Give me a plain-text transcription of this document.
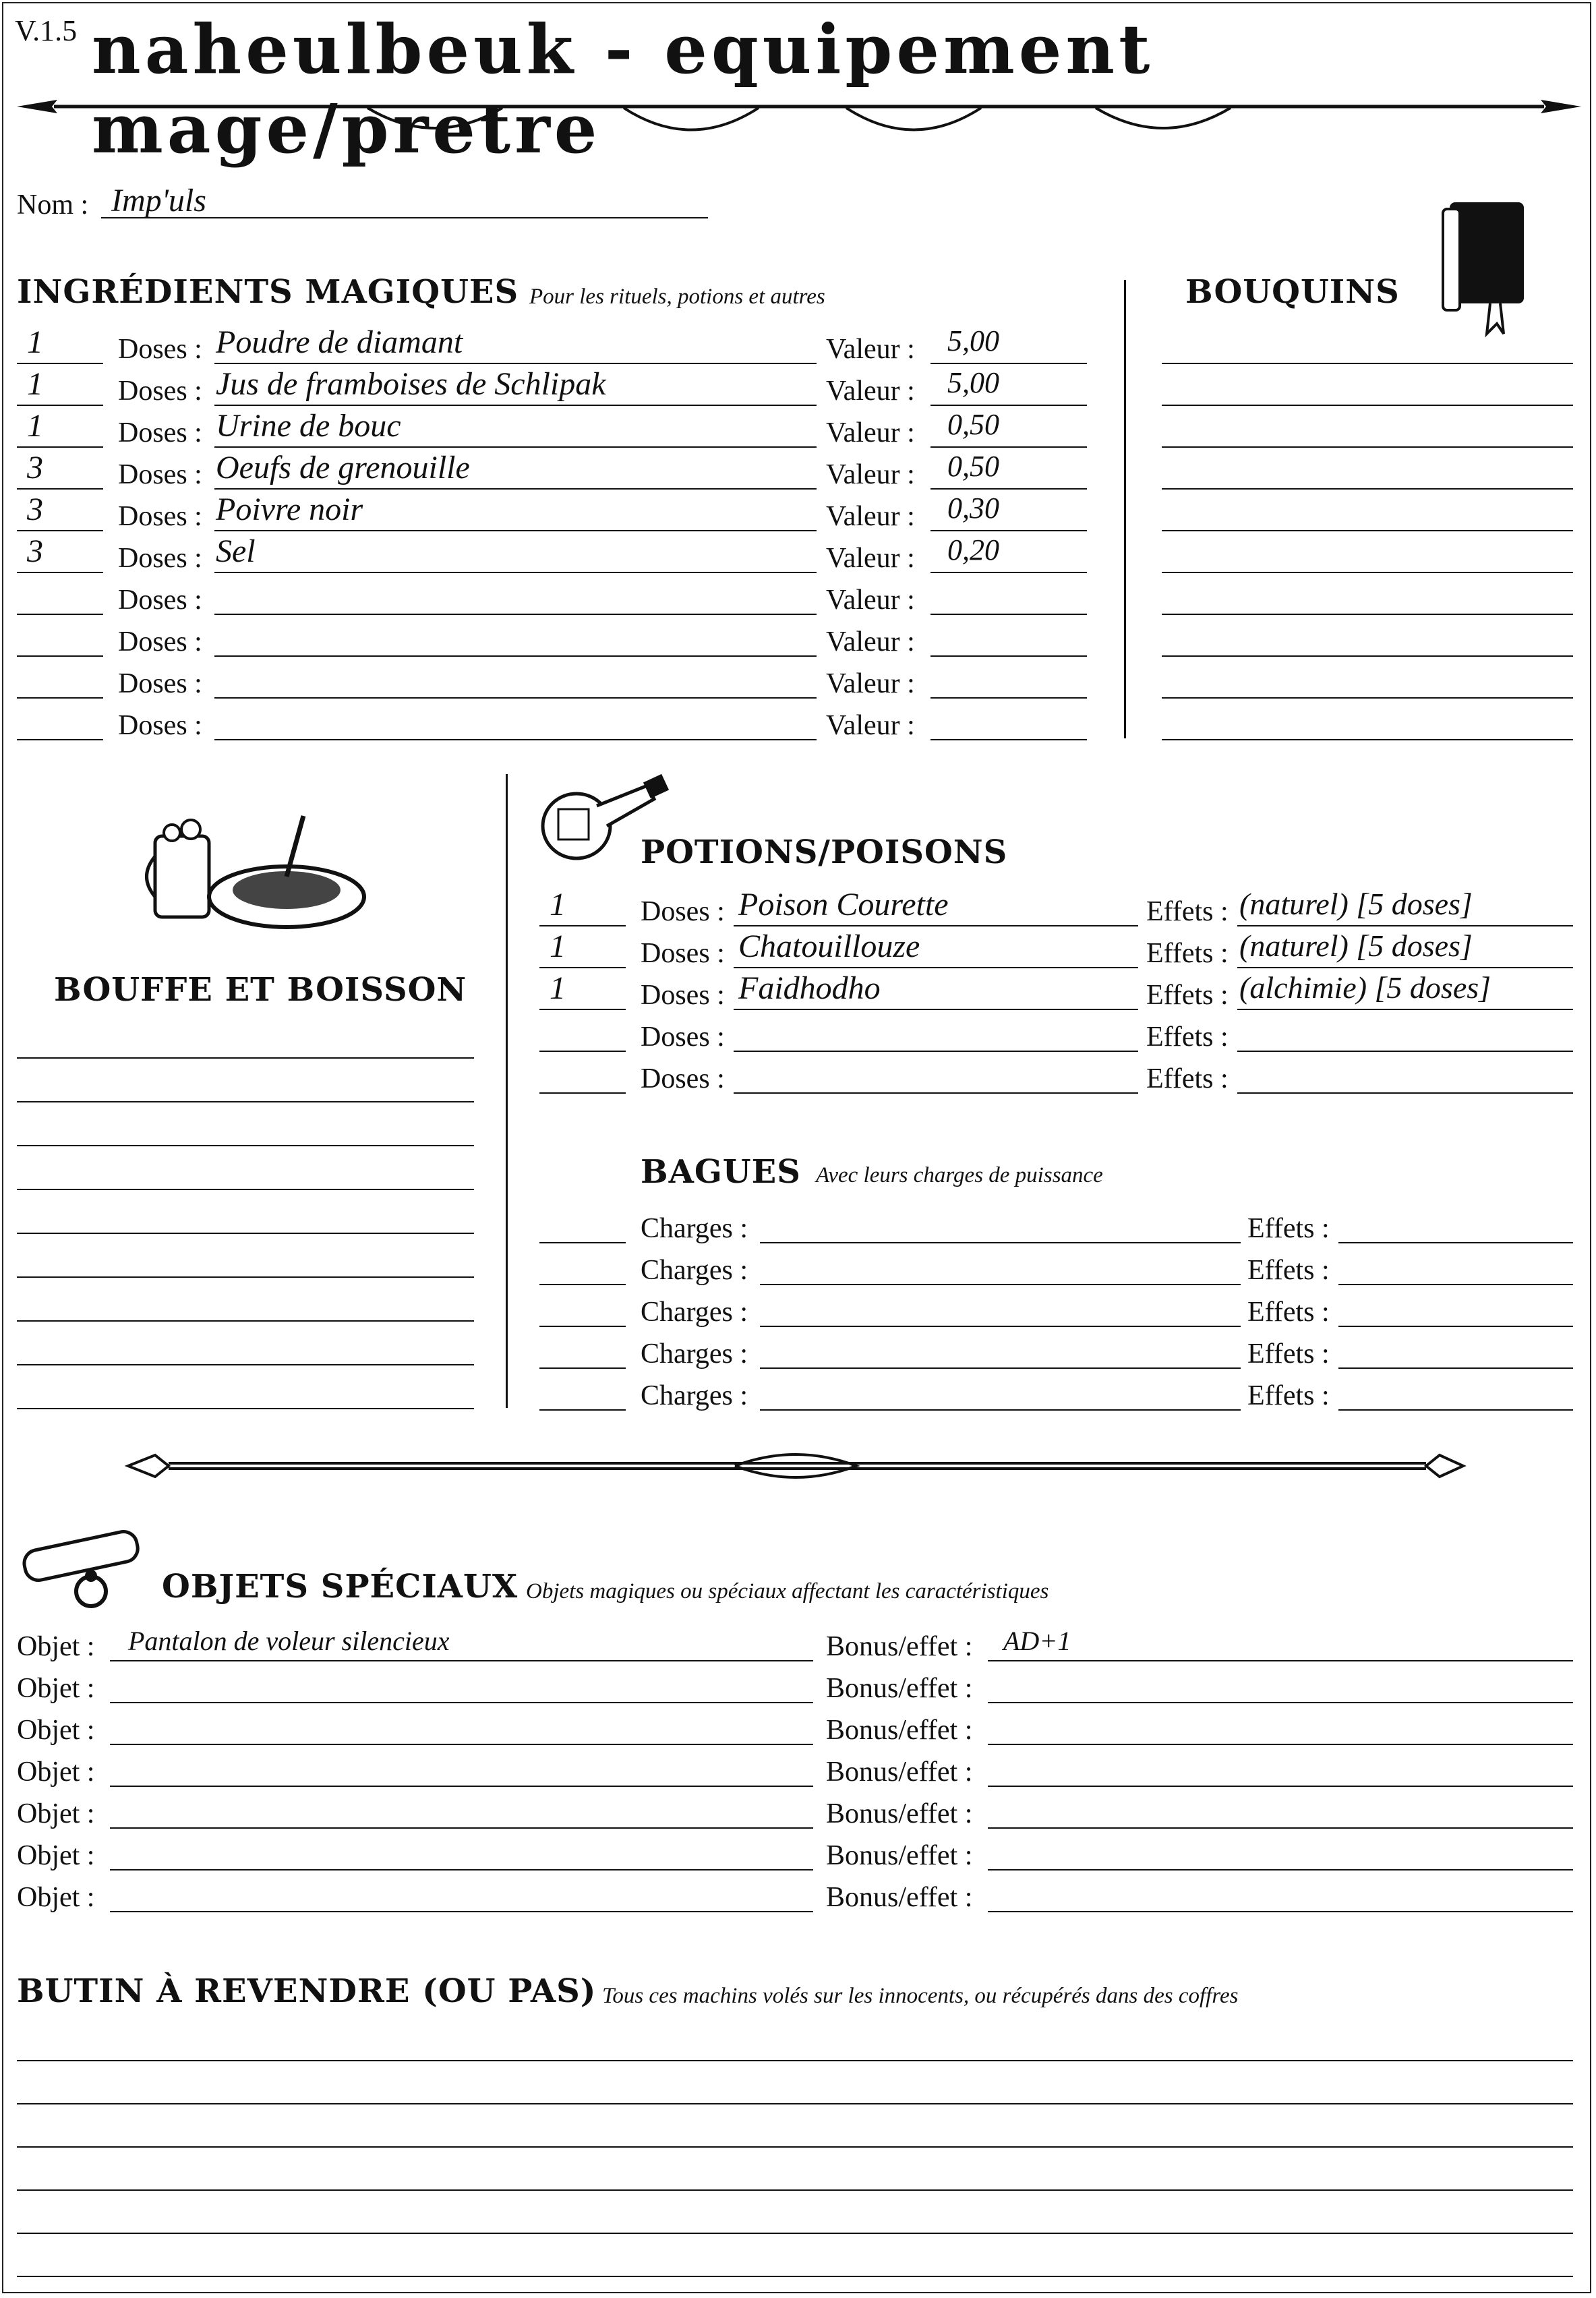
V.1.5 naheulbeuk - equipement mage/pretre
Nom : Imp'uls
INGRÉDIENTS MAGIQUES Pour les rituels, potions et autres
1	Doses : Poudre de diamant	Valeur : 5,00
1	Doses : Jus de framboises de Schlipak	Valeur : 5,00
1	Doses : Urine de bouc	Valeur : 0,50
3	Doses : Oeufs de grenouille	Valeur : 0,50
3	Doses : Poivre noir	Valeur : 0,30
3	Doses : Sel	Valeur : 0,20
Doses :	Valeur :
Doses :	Valeur :
Doses :	Valeur :
Doses :	Valeur :
BOUQUINS
BOUFFE ET BOISSON
POTIONS/POISONS
1	Doses : Poison Courette	Effets : (naturel) [5 doses]
1	Doses : Chatouillouze	Effets : (naturel) [5 doses]
1	Doses : Faidhodho	Effets : (alchimie) [5 doses]
Doses :	Effets :
Doses :	Effets :
BAGUES Avec leurs charges de puissance
Charges :	Effets :
Charges :	Effets :
Charges :	Effets :
Charges :	Effets :
Charges :	Effets :
OBJETS SPÉCIAUX Objets magiques ou spéciaux affectant les caractéristiques
Objet : Pantalon de voleur silencieux	Bonus/effet : AD+1
Objet :	Bonus/effet :
Objet :	Bonus/effet :
Objet :	Bonus/effet :
Objet :	Bonus/effet :
Objet :	Bonus/effet :
Objet :	Bonus/effet :
BUTIN À REVENDRE (OU PAS) Tous ces machins volés sur les innocents, ou récupérés dans des coffres
